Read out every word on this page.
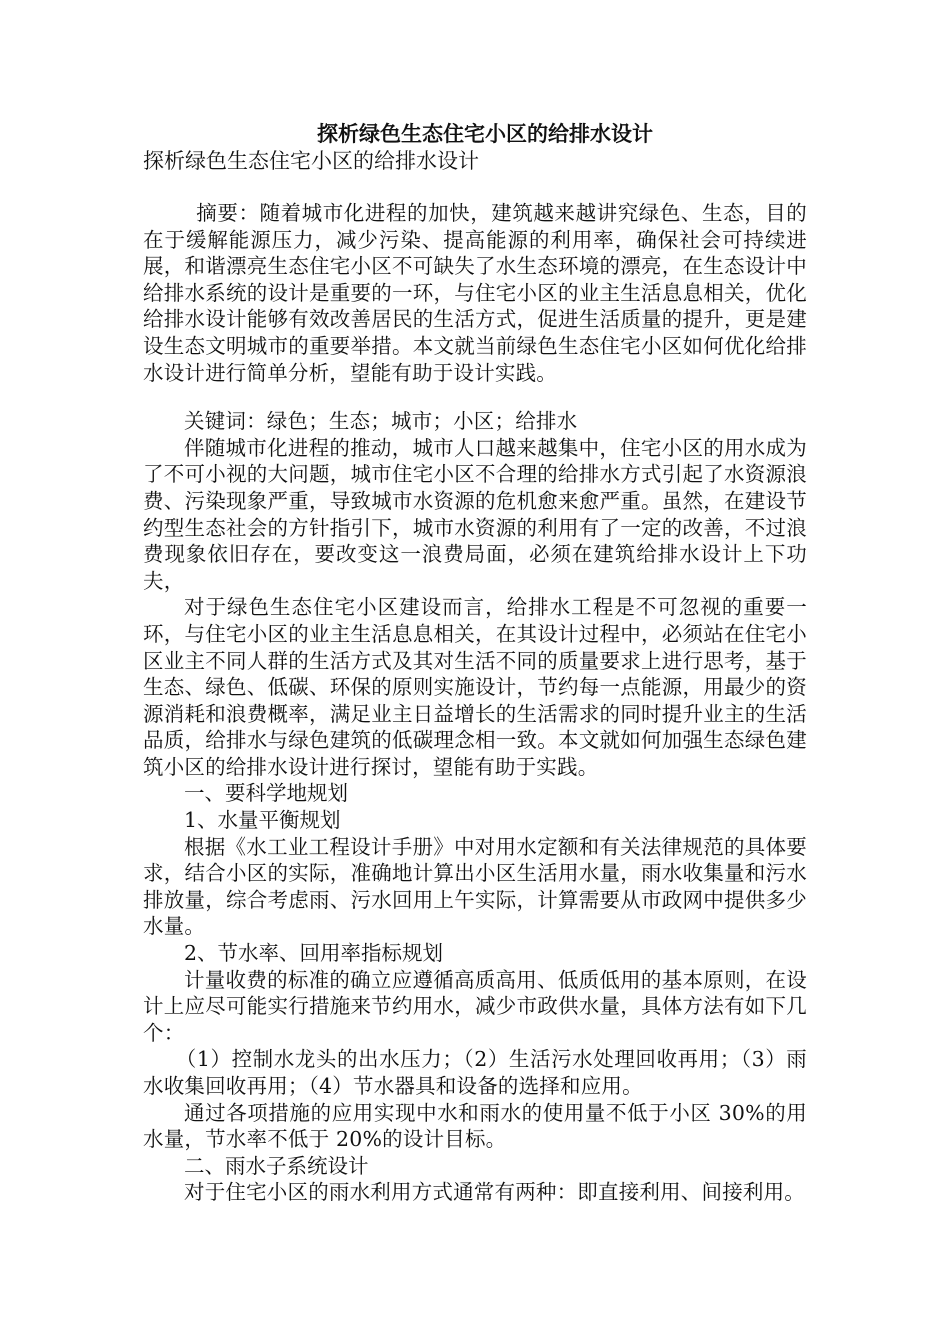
探析绿色生态住宅小区的给排水设计
探析绿色生态住宅小区的给排水设计

摘要：随着城市化进程的加快，建筑越来越讲究绿色、生态，目的在于缓解能源压力，减少污染、提高能源的利用率，确保社会可持续进展，和谐漂亮生态住宅小区不可缺失了水生态环境的漂亮，在生态设计中给排水系统的设计是重要的一环，与住宅小区的业主生活息息相关，优化给排水设计能够有效改善居民的生活方式，促进生活质量的提升，更是建设生态文明城市的重要举措。本文就当前绿色生态住宅小区如何优化给排水设计进行简单分析，望能有助于设计实践。

关键词：绿色；生态；城市；小区；给排水

伴随城市化进程的推动，城市人口越来越集中，住宅小区的用水成为了不可小视的大问题，城市住宅小区不合理的给排水方式引起了水资源浪费、污染现象严重，导致城市水资源的危机愈来愈严重。虽然，在建设节约型生态社会的方针指引下，城市水资源的利用有了一定的改善，不过浪费现象依旧存在，要改变这一浪费局面，必须在建筑给排水设计上下功夫，

对于绿色生态住宅小区建设而言，给排水工程是不可忽视的重要一环，与住宅小区的业主生活息息相关，在其设计过程中，必须站在住宅小区业主不同人群的生活方式及其对生活不同的质量要求上进行思考，基于生态、绿色、低碳、环保的原则实施设计，节约每一点能源，用最少的资源消耗和浪费概率，满足业主日益增长的生活需求的同时提升业主的生活品质，给排水与绿色建筑的低碳理念相一致。本文就如何加强生态绿色建筑小区的给排水设计进行探讨，望能有助于实践。

一、要科学地规划

1、水量平衡规划

根据《水工业工程设计手册》中对用水定额和有关法律规范的具体要求，结合小区的实际，准确地计算出小区生活用水量，雨水收集量和污水排放量，综合考虑雨、污水回用上午实际，计算需要从市政网中提供多少水量。

2、节水率、回用率指标规划

计量收费的标准的确立应遵循高质高用、低质低用的基本原则，在设计上应尽可能实行措施来节约用水，减少市政供水量，具体方法有如下几个：

（1）控制水龙头的出水压力；（2）生活污水处理回收再用；（3）雨水收集回收再用；（4）节水器具和设备的选择和应用。

通过各项措施的应用实现中水和雨水的使用量不低于小区 30%的用水量，节水率不低于 20%的设计目标。

二、雨水子系统设计

对于住宅小区的雨水利用方式通常有两种：即直接利用、间接利用。
